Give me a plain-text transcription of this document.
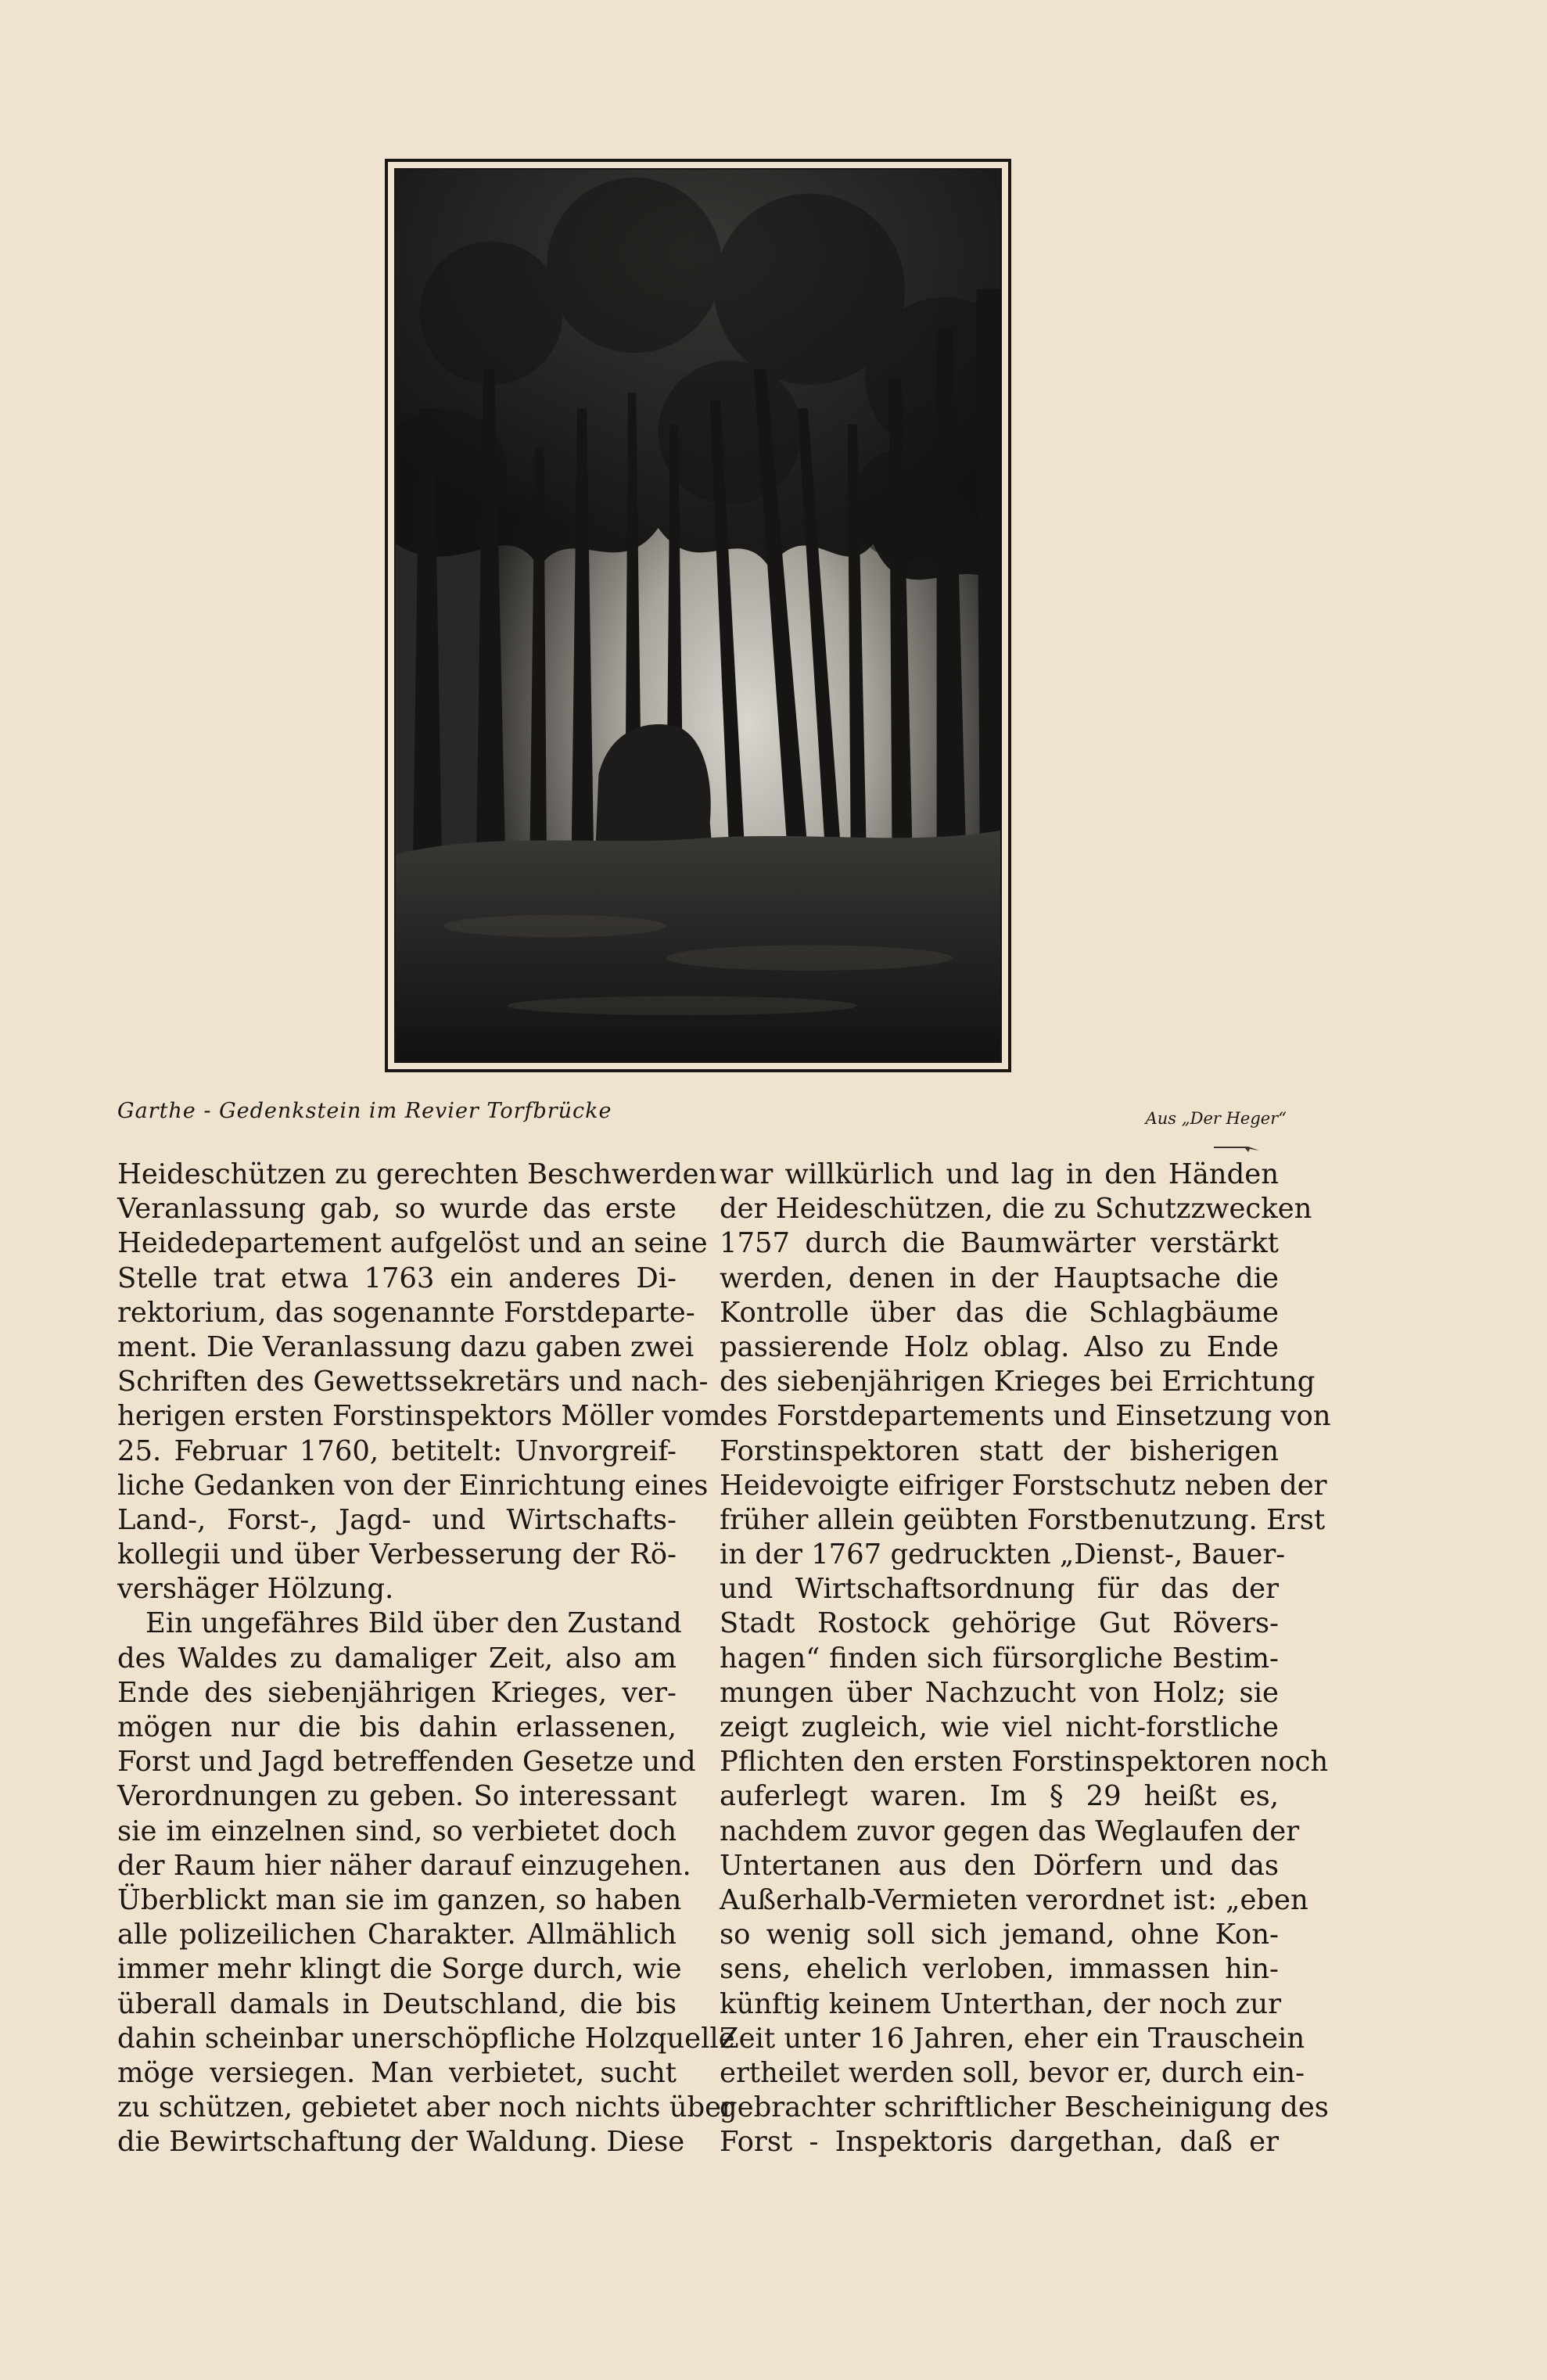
Garthe - Gedenkstein im Revier Torfbrücke	Aus „Der Heger“
Heideschützen zu gerechten Beschwerden
Veranlassung gab, so wurde das erste
Heidedepartement aufgelöst und an seine
Stelle trat etwa 1763 ein anderes Di-
rektorium, das sogenannte Forstdeparte-
ment. Die Veranlassung dazu gaben zwei
Schriften des Gewettssekretärs und nach-
herigen ersten Forstinspektors Möller vom
25. Februar 1760, betitelt: Unvorgreif-
liche Gedanken von der Einrichtung eines
Land-, Forst-, Jagd- und Wirtschafts-
kollegii und über Verbesserung der Rö-
vershäger Hölzung.
Ein ungefähres Bild über den Zustand
des Waldes zu damaliger Zeit, also am
Ende des siebenjährigen Krieges, ver-
mögen nur die bis dahin erlassenen,
Forst und Jagd betreffenden Gesetze und
Verordnungen zu geben. So interessant
sie im einzelnen sind, so verbietet doch
der Raum hier näher darauf einzugehen.
Überblickt man sie im ganzen, so haben
alle polizeilichen Charakter. Allmählich
immer mehr klingt die Sorge durch, wie
überall damals in Deutschland, die bis
dahin scheinbar unerschöpfliche Holzquelle
möge versiegen. Man verbietet, sucht
zu schützen, gebietet aber noch nichts über
die Bewirtschaftung der Waldung. Diese
war willkürlich und lag in den Händen
der Heideschützen, die zu Schutzzwecken
1757 durch die Baumwärter verstärkt
werden, denen in der Hauptsache die
Kontrolle über das die Schlagbäume
passierende Holz oblag. Also zu Ende
des siebenjährigen Krieges bei Errichtung
des Forstdepartements und Einsetzung von
Forstinspektoren statt der bisherigen
Heidevoigte eifriger Forstschutz neben der
früher allein geübten Forstbenutzung. Erst
in der 1767 gedruckten „Dienst-, Bauer-
und Wirtschaftsordnung für das der
Stadt Rostock gehörige Gut Rövers-
hagen“ finden sich fürsorgliche Bestim-
mungen über Nachzucht von Holz; sie
zeigt zugleich, wie viel nicht-forstliche
Pflichten den ersten Forstinspektoren noch
auferlegt waren. Im § 29 heißt es,
nachdem zuvor gegen das Weglaufen der
Untertanen aus den Dörfern und das
Außerhalb-Vermieten verordnet ist: „eben
so wenig soll sich jemand, ohne Kon-
sens, ehelich verloben, immassen hin-
künftig keinem Unterthan, der noch zur
Zeit unter 16 Jahren, eher ein Trauschein
ertheilet werden soll, bevor er, durch ein-
gebrachter schriftlicher Bescheinigung des
Forst - Inspektoris dargethan, daß er
